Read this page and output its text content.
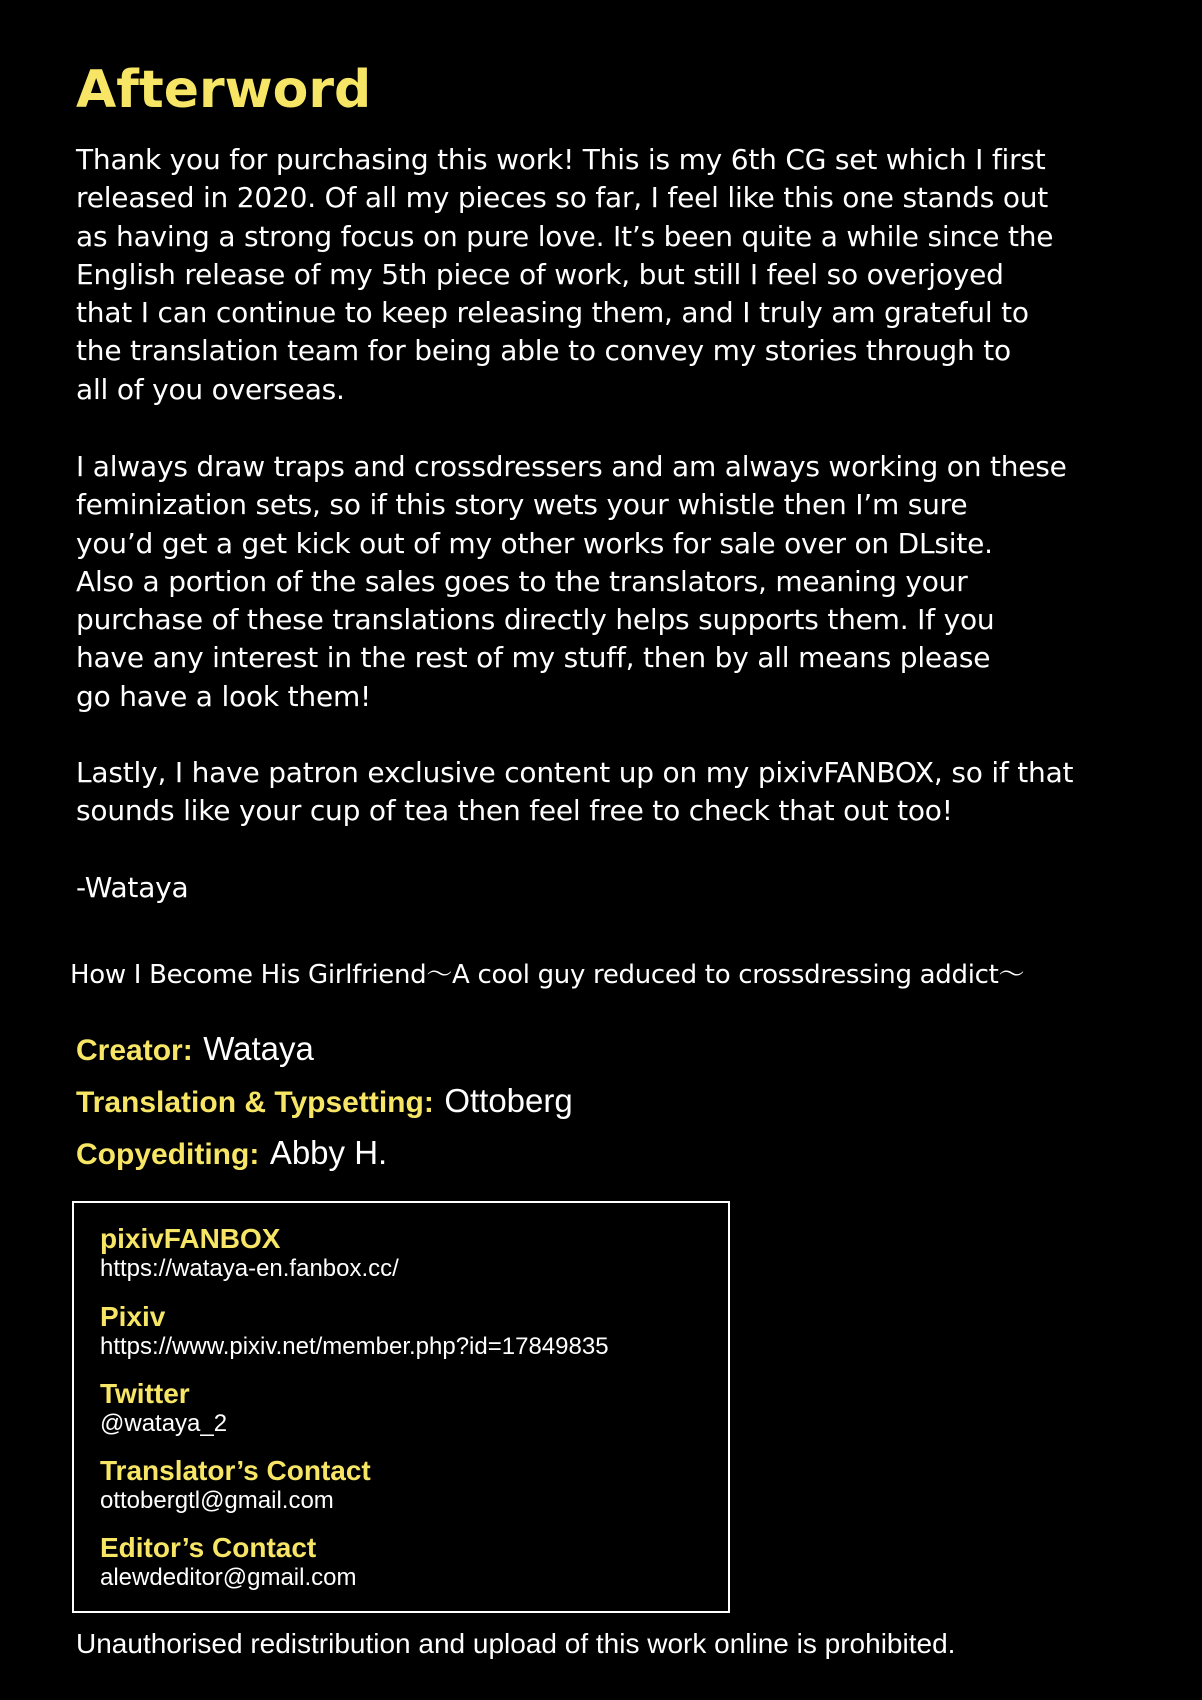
Afterword
Thank you for purchasing this work! This is my 6th CG set which I first
released in 2020. Of all my pieces so far, I feel like this one stands out
as having a strong focus on pure love. It’s been quite a while since the
English release of my 5th piece of work, but still I feel so overjoyed
that I can continue to keep releasing them, and I truly am grateful to
the translation team for being able to convey my stories through to
all of you overseas.
I always draw traps and crossdressers and am always working on these
feminization sets, so if this story wets your whistle then I’m sure
you’d get a get kick out of my other works for sale over on DLsite.
Also a portion of the sales goes to the translators, meaning your
purchase of these translations directly helps supports them. If you
have any interest in the rest of my stuff, then by all means please
go have a look them!
Lastly, I have patron exclusive content up on my pixivFANBOX, so if that
sounds like your cup of tea then feel free to check that out too!
-Wataya
How I Become His Girlfriend～A cool guy reduced to crossdressing addict～
Creator: Wataya
Translation & Typsetting: Ottoberg
Copyediting: Abby H.
pixivFANBOX
https://wataya-en.fanbox.cc/
Pixiv
https://www.pixiv.net/member.php?id=17849835
Twitter
@wataya_2
Translator’s Contact
ottobergtl@gmail.com
Editor’s Contact
alewdeditor@gmail.com
Unauthorised redistribution and upload of this work online is prohibited.
